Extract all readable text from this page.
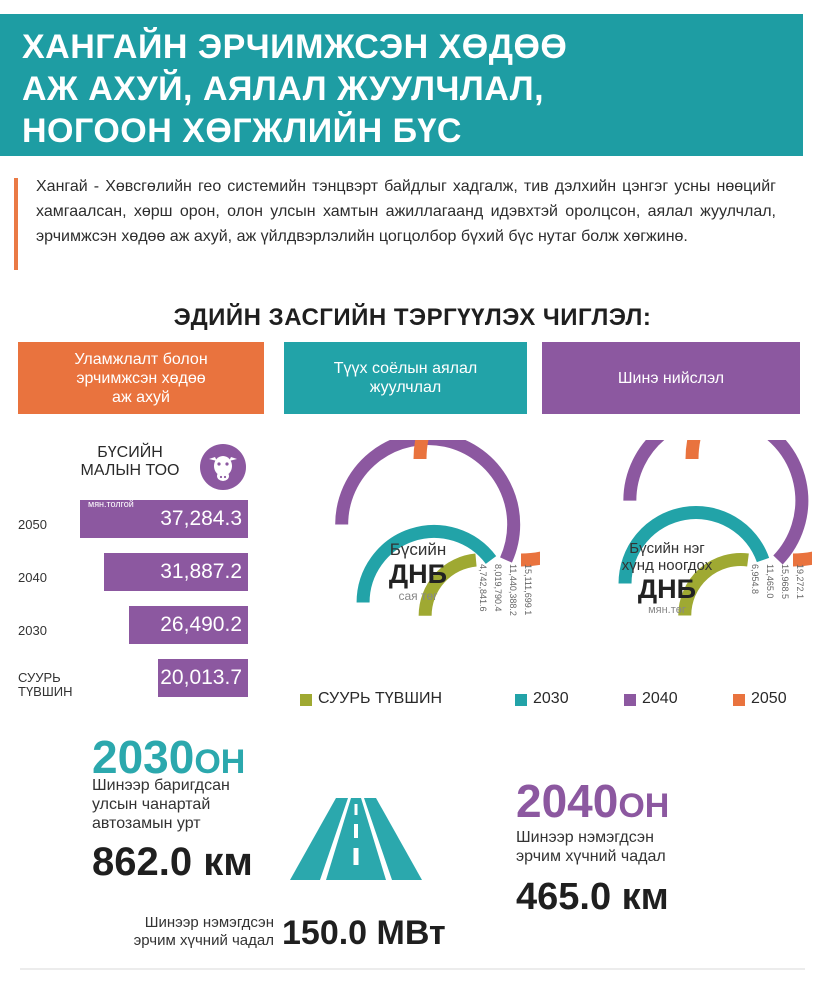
ХАНГАЙН ЭРЧИМЖСЭН ХӨДӨӨ
АЖ АХУЙ, АЯЛАЛ ЖУУЛЧЛАЛ,
НОГООН ХӨГЖЛИЙН БҮС
Хангай - Хөвсгөлийн гео системийн тэнцвэрт байдлыг хадгалж, тив дэлхийн цэнгэг усны нөөцийг хамгаалсан, хөрш орон, олон улсын хамтын ажиллагаанд идэвхтэй оролцсон, аялал жуулчлал, эрчимжсэн хөдөө аж ахуй, аж үйлдвэрлэлийн цогцолбор бүхий бүс нутаг болж хөгжинө.
ЭДИЙН ЗАСГИЙН ТЭРГҮҮЛЭХ ЧИГЛЭЛ:
Уламжлалт болон
эрчимжсэн хөдөө
аж ахуй
Түүх соёлын аялал
жуулчлал
Шинэ нийслэл
БҮСИЙН
МАЛЫН ТОО
37,284.3
2050
31,887.2
2040
26,490.2
2030
20,013.7
СУУРЬ
ТҮВШИН
мян.толгой
4,742,841.6 8,019,790.4 11,440,388.2 15,111,699.1	6,954.8 11,465.0 15,968.5 19,272.1
Бүсийн
ДНБ
сая төг
Бүсийн нэг
хүнд ноогдох
ДНБ
мян.төг
СУУРЬ ТҮВШИН	2030	2040	2050
2030ОН
Шинээр баригдсан
улсын чанартай
автозамын урт
862.0 км
Шинээр нэмэгдсэн
эрчим хүчний чадал 150.0 МВт
2040ОН
Шинээр нэмэгдсэн
эрчим хүчний чадал
465.0 км
